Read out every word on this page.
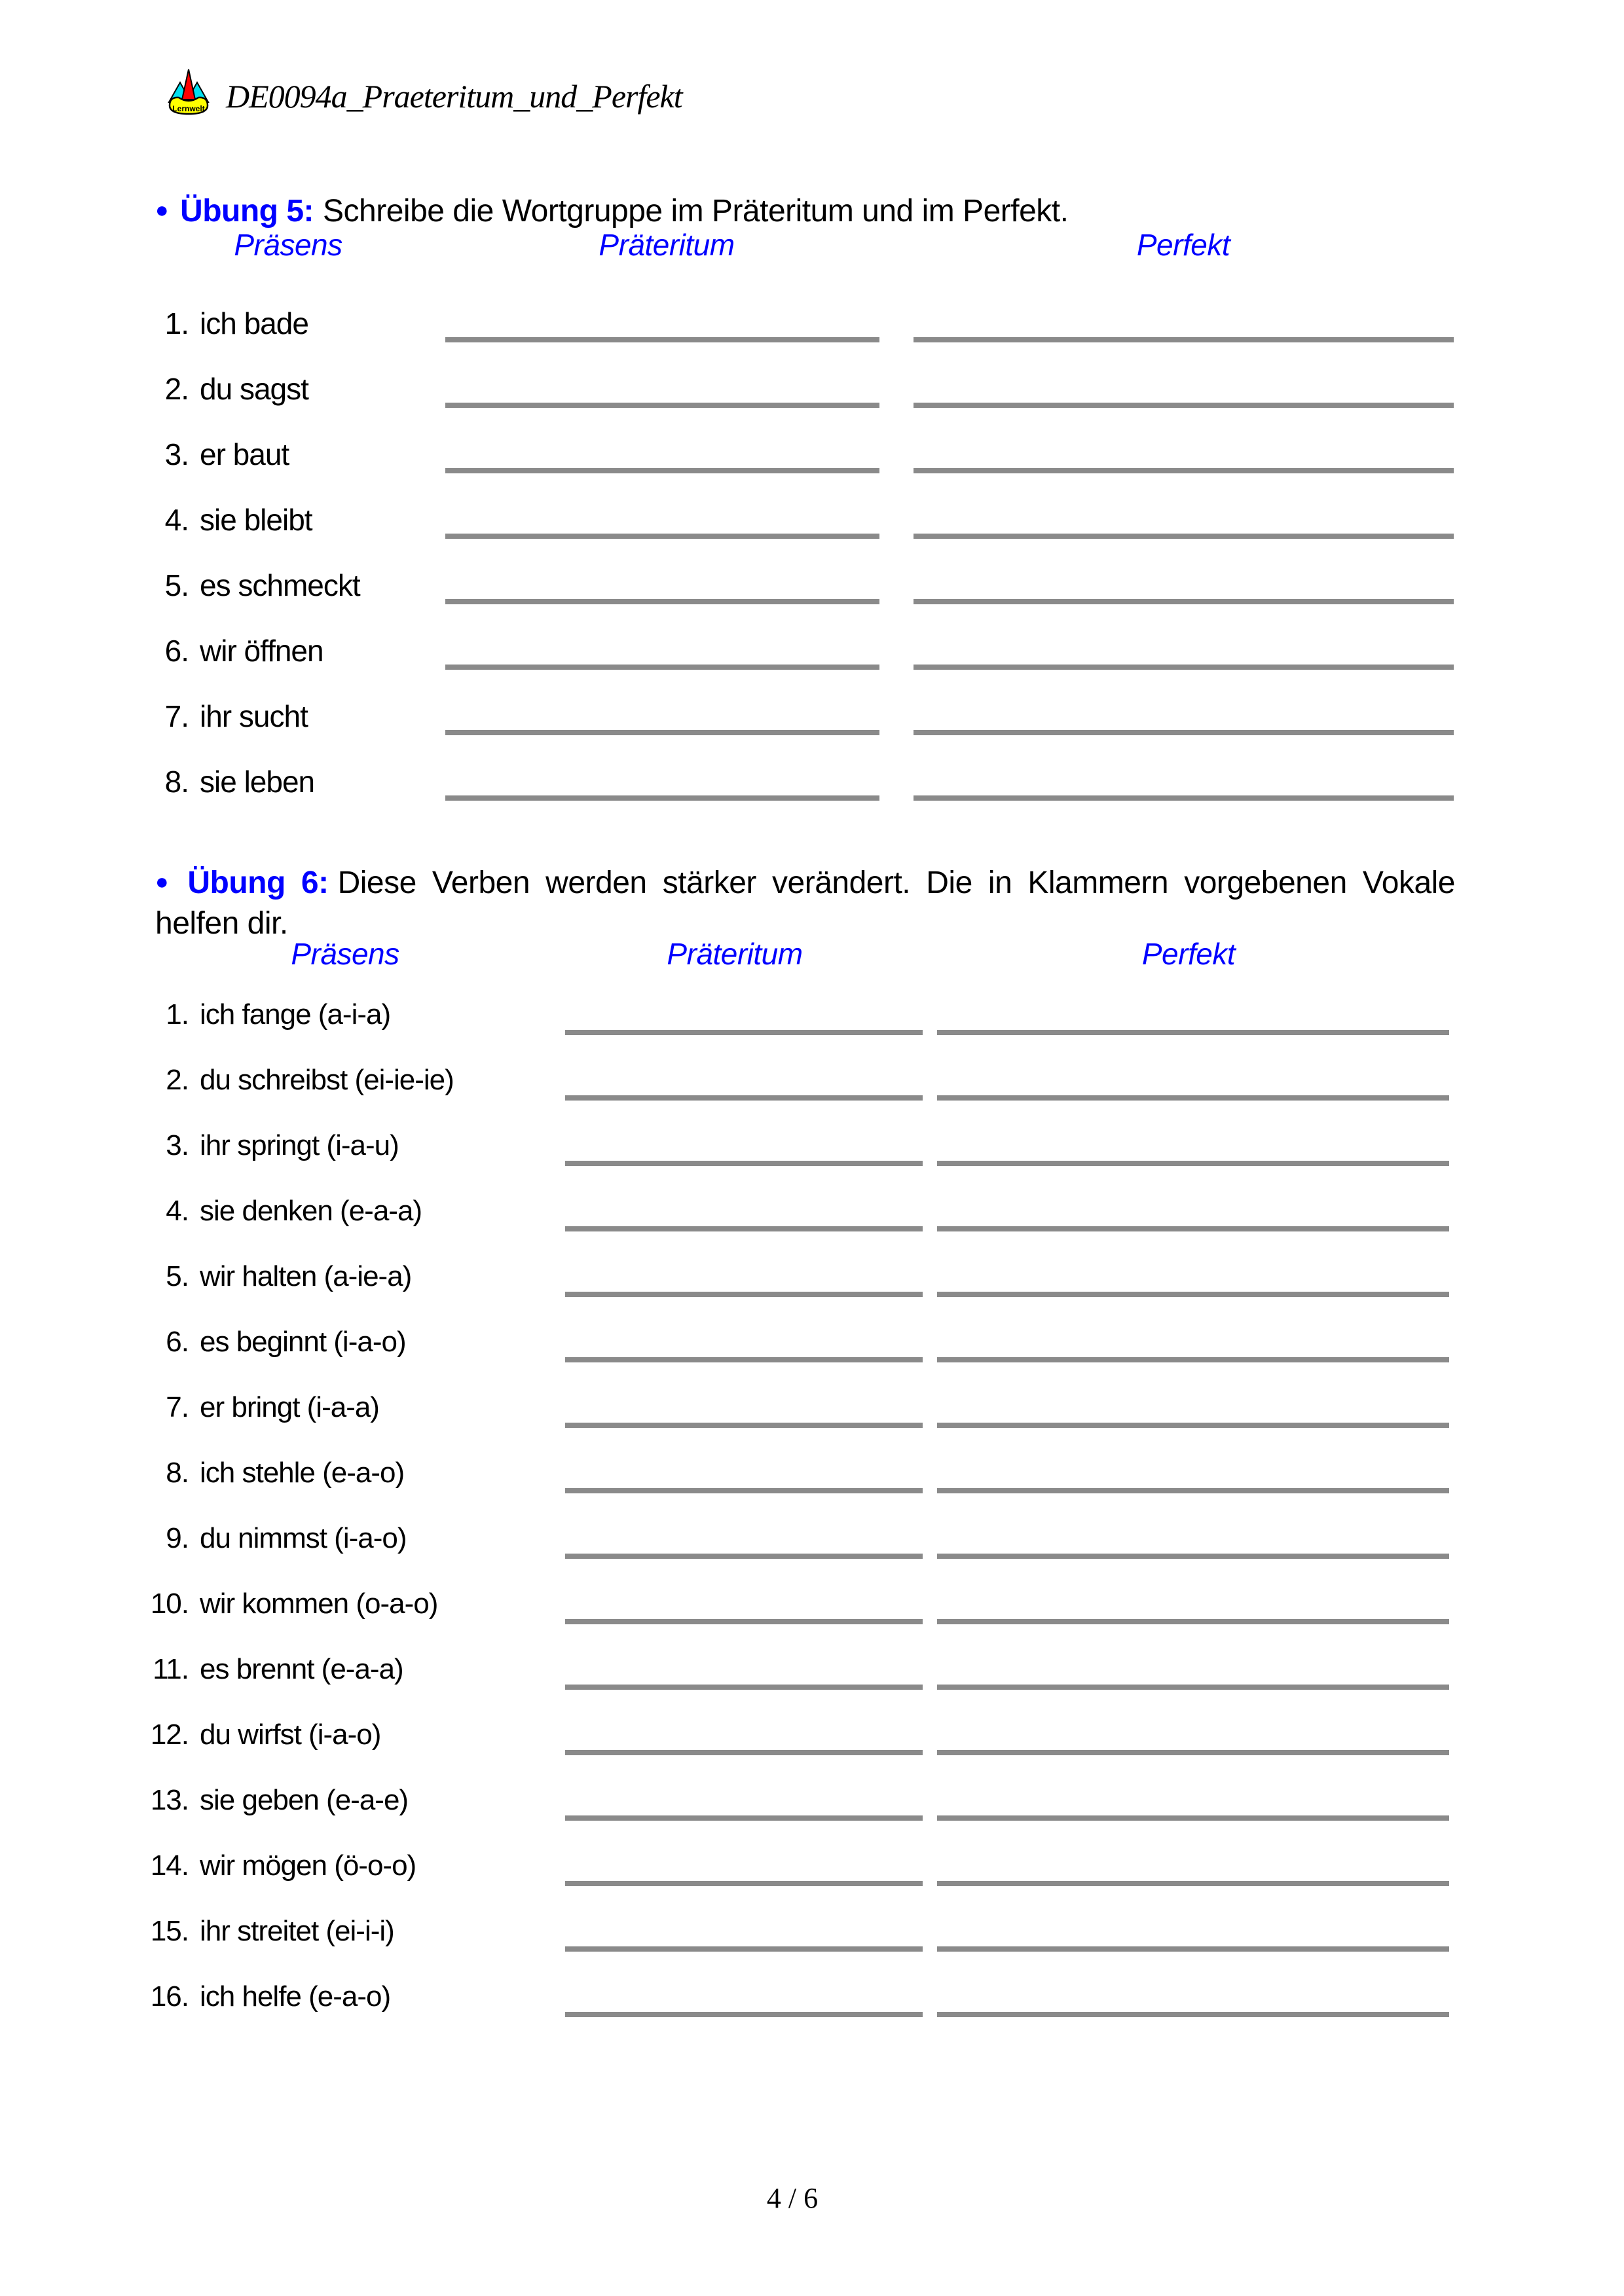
Lernwelt DE0094a_Praeteritum_und_Perfekt

● Übung 5: Schreibe die Wortgruppe im Präteritum und im Perfekt.

Präsens	Präteritum	Perfekt
1. ich bade
2. du sagst
3. er baut
4. sie bleibt
5. es schmeckt
6. wir öffnen
7. ihr sucht
8. sie leben

● Übung 6: Diese Verben werden stärker verändert. Die in Klammern vorgebenen Vokale helfen dir.

Präsens	Präteritum	Perfekt
1. ich fange (a-i-a)
2. du schreibst (ei-ie-ie)
3. ihr springt (i-a-u)
4. sie denken (e-a-a)
5. wir halten (a-ie-a)
6. es beginnt (i-a-o)
7. er bringt (i-a-a)
8. ich stehle (e-a-o)
9. du nimmst (i-a-o)
10. wir kommen (o-a-o)
11. es brennt (e-a-a)
12. du wirfst (i-a-o)
13. sie geben (e-a-e)
14. wir mögen (ö-o-o)
15. ihr streitet (ei-i-i)
16. ich helfe (e-a-o)
4 / 6
